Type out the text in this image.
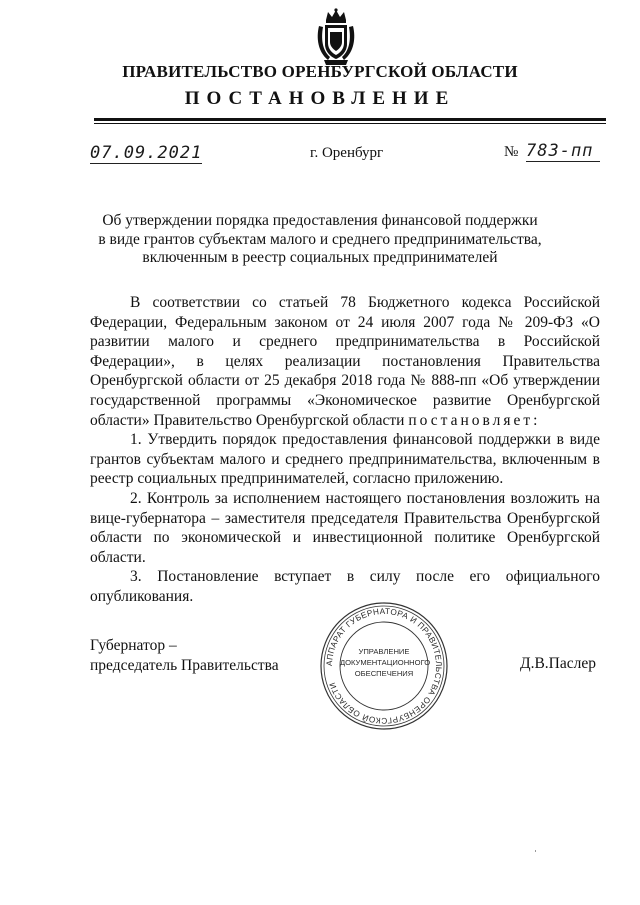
ПРАВИТЕЛЬСТВО ОРЕНБУРГСКОЙ ОБЛАСТИ
ПОСТАНОВЛЕНИЕ
07.09.2021	г. Оренбург	№ 783-пп
Об утверждении порядка предоставления финансовой поддержки
в виде грантов субъектам малого и среднего предпринимательства,
включенным в реестр социальных предпринимателей

В соответствии со статьей 78 Бюджетного кодекса Российской Федерации, Федеральным законом от 24 июля 2007 года № 209-ФЗ «О развитии малого и среднего предпринимательства в Российской Федерации», в целях реализации постановления Правительства Оренбургской области от 25 декабря 2018 года № 888-пп «Об утверждении государственной программы «Экономическое развитие Оренбургской области» Правительство Оренбургской области постановляет:

1. Утвердить порядок предоставления финансовой поддержки в виде грантов субъектам малого и среднего предпринимательства, включенным в реестр социальных предпринимателей, согласно приложению.

2. Контроль за исполнением настоящего постановления возложить на вице-губернатора – заместителя председателя Правительства Оренбургской области по экономической и инвестиционной политике Оренбургской области.

3. Постановление вступает в силу после его официального опубликования.

Губернатор –
председатель Правительства	Д.В.Паслер
АППАРАТ ГУБЕРНАТОРА И ПРАВИТЕЛЬСТВА ОРЕНБУРГСКОЙ ОБЛАСТИ
УПРАВЛЕНИЕ
ДОКУМЕНТАЦИОННОГО
ОБЕСПЕЧЕНИЯ
